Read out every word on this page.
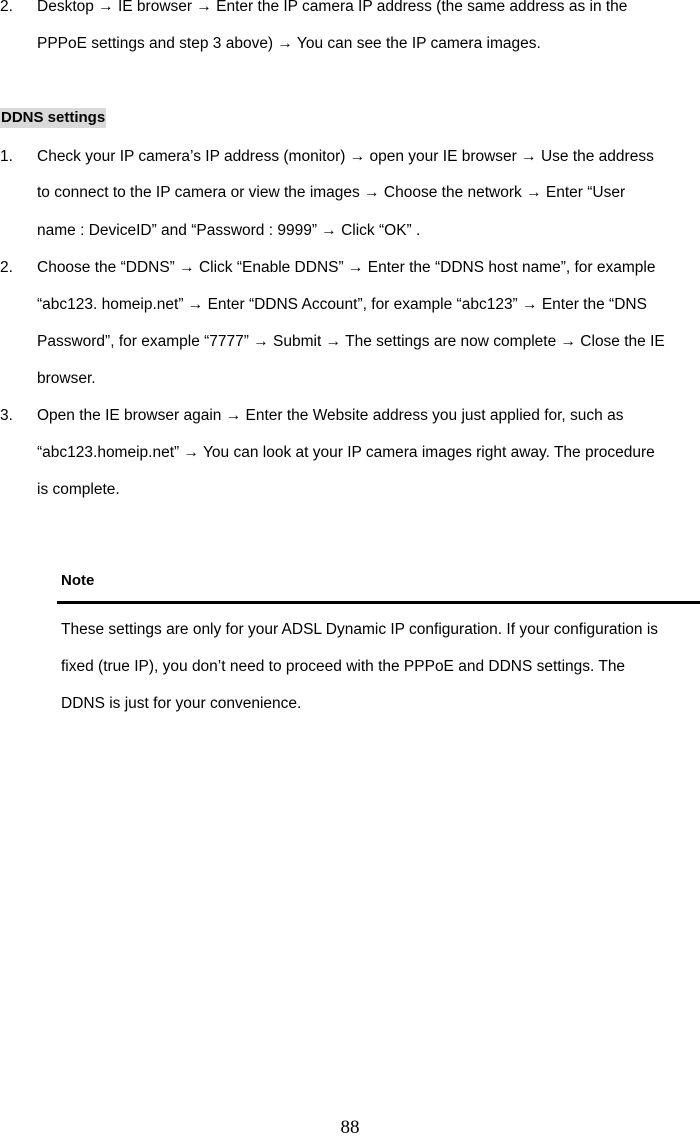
2. Desktop → IE browser → Enter the IP camera IP address (the same address as in the
PPPoE settings and step 3 above) → You can see the IP camera images.
DDNS settings
1. Check your IP camera’s IP address (monitor) → open your IE browser → Use the address
to connect to the IP camera or view the images → Choose the network → Enter “User
name : DeviceID” and “Password : 9999” → Click “OK” .
2. Choose the “DDNS” → Click “Enable DDNS” → Enter the “DDNS host name”, for example
“abc123. homeip.net” → Enter “DDNS Account”, for example “abc123” → Enter the “DNS
Password”, for example “7777” → Submit → The settings are now complete → Close the IE
browser.
3. Open the IE browser again → Enter the Website address you just applied for, such as
“abc123.homeip.net” → You can look at your IP camera images right away. The procedure
is complete.
Note
These settings are only for your ADSL Dynamic IP configuration. If your configuration is
fixed (true IP), you don’t need to proceed with the PPPoE and DDNS settings. The
DDNS is just for your convenience.
88
